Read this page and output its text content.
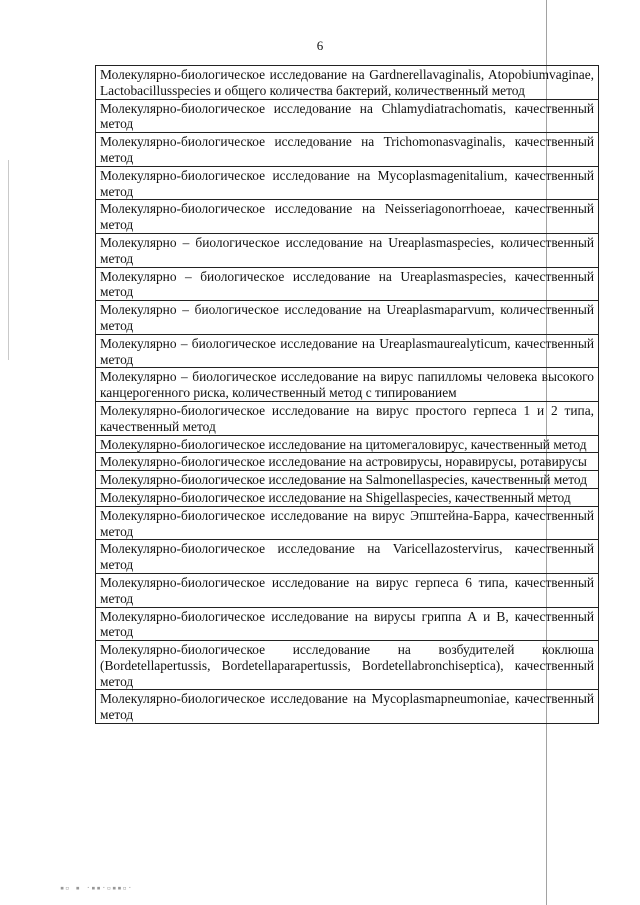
6
Молекулярно-биологическое исследование на Gardnerellavaginalis, Atopobiumvaginae, Lactobacillusspecies и общего количества бактерий, количественный метод
Молекулярно-биологическое исследование на Chlamydiatrachomatis, качественный метод
Молекулярно-биологическое исследование на Trichomonasvaginalis, качественный метод
Молекулярно-биологическое исследование на Mycoplasmagenitalium, качественный метод
Молекулярно-биологическое исследование на Neisseriagonorrhoeae, качественный метод
Молекулярно – биологическое исследование на Ureaplasmaspecies, количественный метод
Молекулярно – биологическое исследование на Ureaplasmaspecies, качественный метод
Молекулярно – биологическое исследование на Ureaplasmaparvum, количественный метод
Молекулярно – биологическое исследование на Ureaplasmaurealyticum, качественный метод
Молекулярно – биологическое исследование на вирус папилломы человека высокого канцерогенного риска, количественный метод с типированием
Молекулярно-биологическое исследование на вирус простого герпеса 1 и 2 типа, качественный метод
Молекулярно-биологическое исследование на цитомегаловирус, качественный метод
Молекулярно-биологическое исследование на астровирусы, норавирусы, ротавирусы
Молекулярно-биологическое исследование на Salmonellaspecies, качественный метод
Молекулярно-биологическое исследование на Shigellaspecies, качественный метод
Молекулярно-биологическое исследование на вирус Эпштейна-Барра, качественный метод
Молекулярно-биологическое исследование на Varicellazostervirus, качественный метод
Молекулярно-биологическое исследование на вирус герпеса 6 типа, качественный метод
Молекулярно-биологическое исследование на вирусы гриппа А и В, качественный метод
Молекулярно-биологическое исследование на возбудителей коклюша (Bordetellapertussis, Bordetellaparapertussis, Bordetellabronchisеptica), качественный метод
Молекулярно-биологическое исследование на Mycoplasmapneumoniae, качественный метод
▪▫ ▪ ·▪▪·▫▪▪▫·
